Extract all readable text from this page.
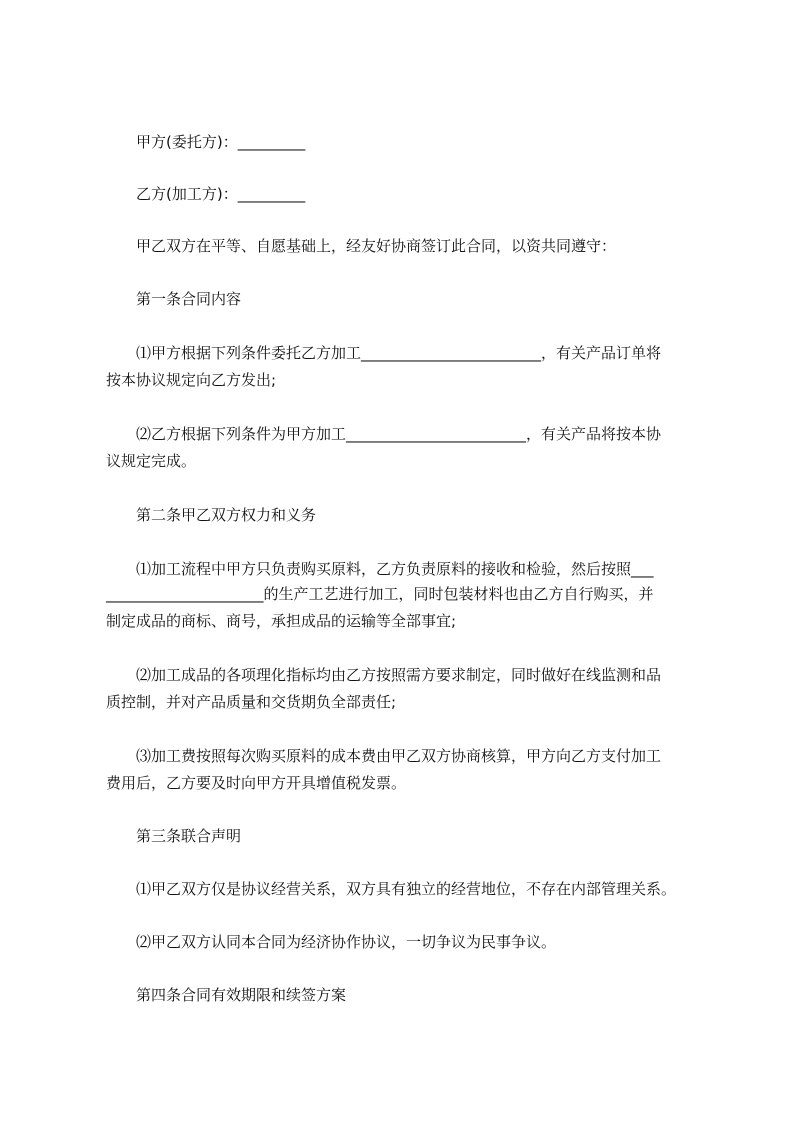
甲方(委托方)：_________

乙方(加工方)：_________

甲乙双方在平等、自愿基础上，经友好协商签订此合同，以资共同遵守：

第一条合同内容

⑴甲方根据下列条件委托乙方加工________________________，有关产品订单将

按本协议规定向乙方发出;

⑵乙方根据下列条件为甲方加工________________________，有关产品将按本协

议规定完成。

第二条甲乙双方权力和义务

⑴加工流程中甲方只负责购买原料，乙方负责原料的接收和检验，然后按照___

_____________________的生产工艺进行加工，同时包装材料也由乙方自行购买，并

制定成品的商标、商号，承担成品的运输等全部事宜;

⑵加工成品的各项理化指标均由乙方按照需方要求制定，同时做好在线监测和品

质控制，并对产品质量和交货期负全部责任;

⑶加工费按照每次购买原料的成本费由甲乙双方协商核算，甲方向乙方支付加工

费用后，乙方要及时向甲方开具增值税发票。

第三条联合声明

⑴甲乙双方仅是协议经营关系，双方具有独立的经营地位，不存在内部管理关系。

⑵甲乙双方认同本合同为经济协作协议，一切争议为民事争议。

第四条合同有效期限和续签方案
